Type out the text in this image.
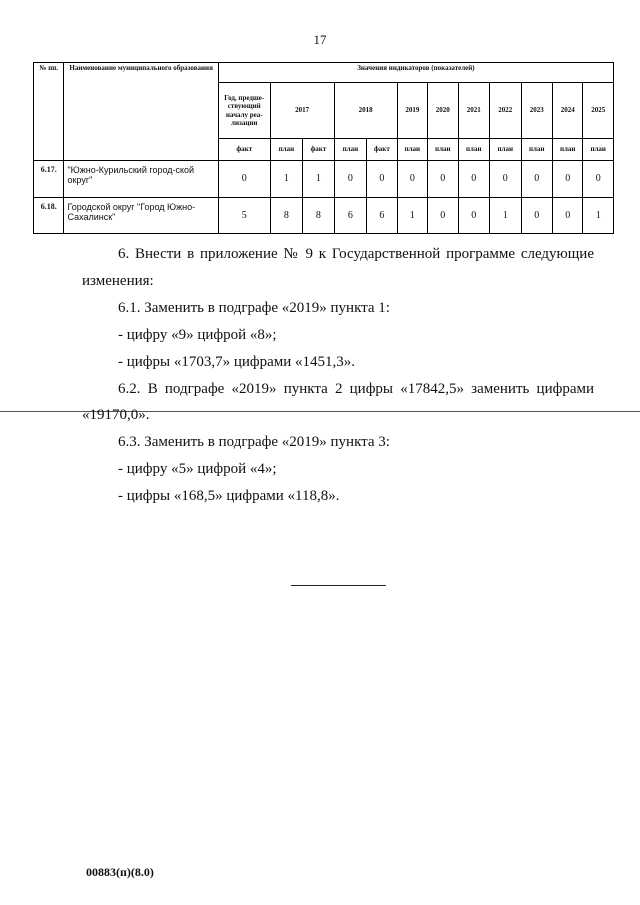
17
№ пп.	Наименование муниципального образования	Значения индикаторов (показателей)											
		Год, предше-ствующий началу реа-лизации	2017		2018		2019	2020	2021	2022	2023	2024	2025
		факт	план	факт	план	факт	план	план	план	план	план	план	план
6.17.	"Южно-Курильский город-ской округ"	0	1	1	0	0	0	0	0	0	0	0	0
6.18.	Городской округ "Город Южно-Сахалинск"	5	8	8	6	6	1	0	0	1	0	0	1

6. Внести в приложение № 9 к Государственной программе следующие

изменения:

6.1. Заменить в подграфе «2019» пункта 1:

- цифру «9» цифрой «8»;

- цифры «1703,7» цифрами «1451,3».

6.2. В подграфе «2019» пункта 2 цифры «17842,5» заменить цифрами

«19170,0».

6.3. Заменить в подграфе «2019» пункта 3:

- цифру «5» цифрой «4»;

- цифры «168,5» цифрами «118,8».

00883(п)(8.0)
